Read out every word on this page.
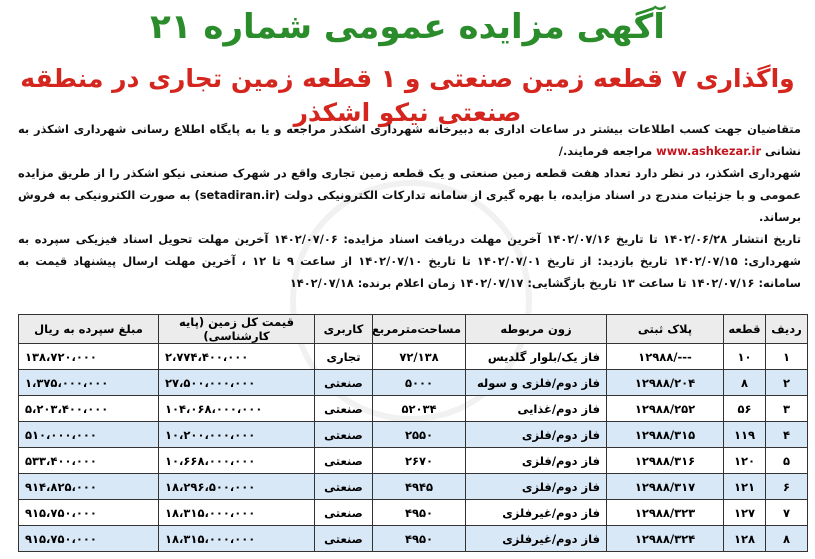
آگهی مزایده عمومی شماره ۲۱
واگذاری ۷ قطعه زمین صنعتی و ۱ قطعه زمین تجاری در منطقه صنعتی نیکو اشکذر

متقاضیان جهت کسب اطلاعات بیشتر در ساعات اداری به دبیرخانه شهرداری اشکذر مراجعه و یا به پایگاه اطلاع رسانی شهرداری اشکذر به نشانی www.ashkezar.ir مراجعه فرمایند./

شهرداری اشکذر، در نظر دارد تعداد هفت قطعه زمین صنعتی و یک قطعه زمین تجاری واقع در شهرک صنعتی نیکو اشکذر را از طریق مزایده عمومی و با جزئیات مندرج در اسناد مزایده، با بهره گیری از سامانه تدارکات الکترونیکی دولت (setadiran.ir) به صورت الکترونیکی به فروش برساند.

تاریخ انتشار ۱۴۰۲/۰۶/۲۸ تا تاریخ ۱۴۰۲/۰۷/۱۶ آخرین مهلت دریافت اسناد مزایده: ۱۴۰۲/۰۷/۰۶ آخرین مهلت تحویل اسناد فیزیکی سپرده به شهرداری: ۱۴۰۲/۰۷/۱۵ تاریخ بازدید: از تاریخ ۱۴۰۲/۰۷/۰۱ تا تاریخ ۱۴۰۲/۰۷/۱۰ از ساعت ۹ تا ۱۲ ، آخرین مهلت ارسال پیشنهاد قیمت به سامانه: ۱۴۰۲/۰۷/۱۶ تا ساعت ۱۳ تاریخ بازگشایی: ۱۴۰۲/۰۷/۱۷ زمان اعلام برنده: ۱۴۰۲/۰۷/۱۸

ردیف	قطعه	پلاک ثبتی	زون مربوطه	مساحت‌مترمربع	کاربری	قیمت کل زمین (پایه کارشناسی)	مبلغ سپرده به ریال
۱	۱۰	---/۱۲۹۸۸	فاز یک/بلوار گلدیس	۷۲/۱۳۸	تجاری	۲،۷۷۴،۴۰۰،۰۰۰	۱۳۸،۷۲۰،۰۰۰
۲	۸	۱۲۹۸۸/۲۰۴	فاز دوم/فلزی و سوله	۵۰۰۰	صنعتی	۲۷،۵۰۰،۰۰۰،۰۰۰	۱،۳۷۵،۰۰۰،۰۰۰
۳	۵۶	۱۲۹۸۸/۲۵۲	فاز دوم/غذایی	۵۲۰۳۴	صنعتی	۱۰۴،۰۶۸،۰۰۰،۰۰۰	۵،۲۰۳،۴۰۰،۰۰۰
۴	۱۱۹	۱۲۹۸۸/۳۱۵	فاز دوم/فلزی	۲۵۵۰	صنعتی	۱۰،۲۰۰،۰۰۰،۰۰۰	۵۱۰،۰۰۰،۰۰۰
۵	۱۲۰	۱۲۹۸۸/۳۱۶	فاز دوم/فلزی	۲۶۷۰	صنعتی	۱۰،۶۶۸،۰۰۰،۰۰۰	۵۳۳،۴۰۰،۰۰۰
۶	۱۲۱	۱۲۹۸۸/۳۱۷	فاز دوم/فلزی	۴۹۴۵	صنعتی	۱۸،۲۹۶،۵۰۰،۰۰۰	۹۱۴،۸۲۵،۰۰۰
۷	۱۲۷	۱۲۹۸۸/۳۲۳	فاز دوم/غیرفلزی	۴۹۵۰	صنعتی	۱۸،۳۱۵،۰۰۰،۰۰۰	۹۱۵،۷۵۰،۰۰۰
۸	۱۲۸	۱۲۹۸۸/۳۲۴	فاز دوم/غیرفلزی	۴۹۵۰	صنعتی	۱۸،۳۱۵،۰۰۰،۰۰۰	۹۱۵،۷۵۰،۰۰۰
